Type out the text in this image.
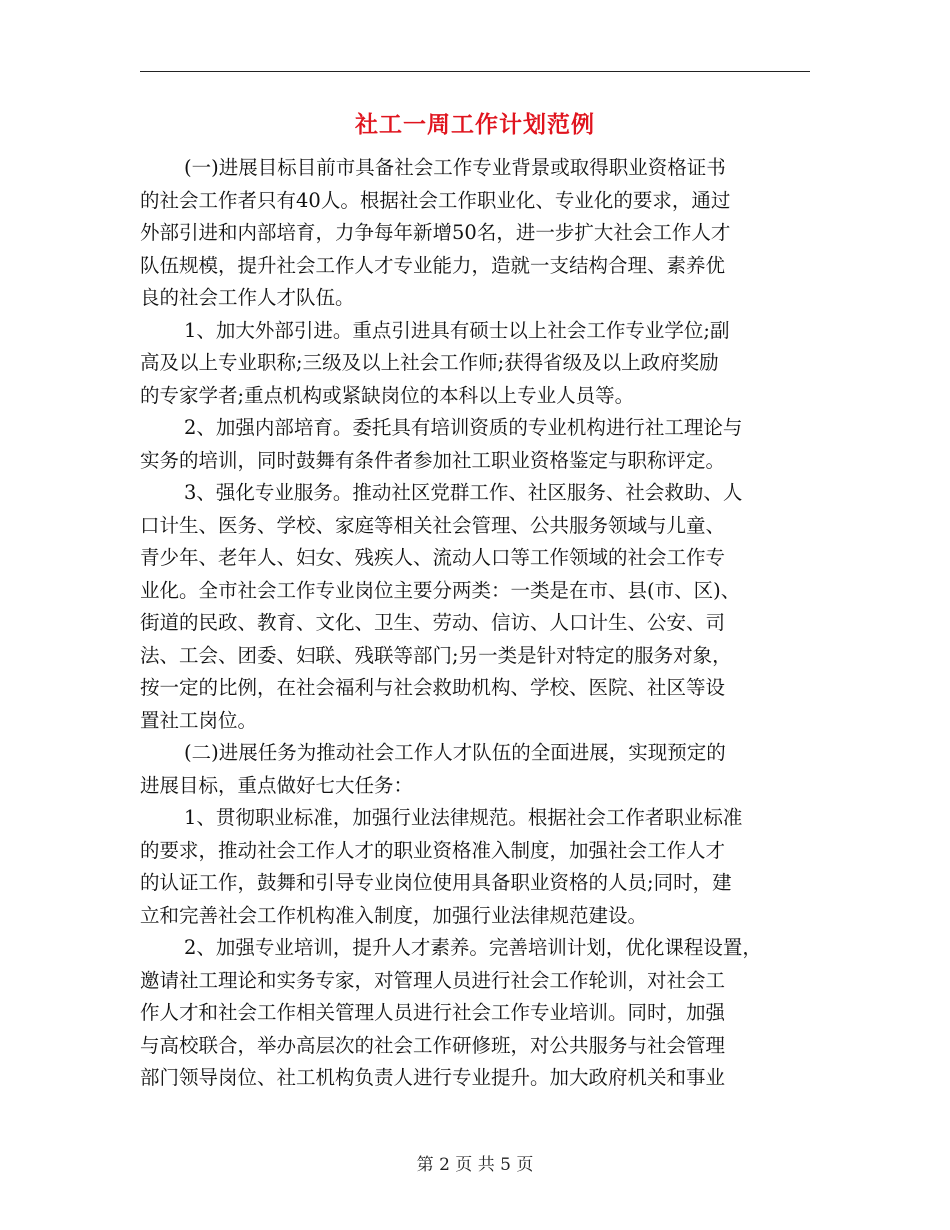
社工一周工作计划范例
(一)进展目标目前市具备社会工作专业背景或取得职业资格证书
的社会工作者只有40人。根据社会工作职业化、专业化的要求，通过
外部引进和内部培育，力争每年新增50名，进一步扩大社会工作人才
队伍规模，提升社会工作人才专业能力，造就一支结构合理、素养优
良的社会工作人才队伍。
1、加大外部引进。重点引进具有硕士以上社会工作专业学位;副
高及以上专业职称;三级及以上社会工作师;获得省级及以上政府奖励
的专家学者;重点机构或紧缺岗位的本科以上专业人员等。
2、加强内部培育。委托具有培训资质的专业机构进行社工理论与
实务的培训，同时鼓舞有条件者参加社工职业资格鉴定与职称评定。
3、强化专业服务。推动社区党群工作、社区服务、社会救助、人
口计生、医务、学校、家庭等相关社会管理、公共服务领域与儿童、
青少年、老年人、妇女、残疾人、流动人口等工作领域的社会工作专
业化。全市社会工作专业岗位主要分两类：一类是在市、县(市、区)、
街道的民政、教育、文化、卫生、劳动、信访、人口计生、公安、司
法、工会、团委、妇联、残联等部门;另一类是针对特定的服务对象，
按一定的比例，在社会福利与社会救助机构、学校、医院、社区等设
置社工岗位。
(二)进展任务为推动社会工作人才队伍的全面进展，实现预定的
进展目标，重点做好七大任务：
1、贯彻职业标准，加强行业法律规范。根据社会工作者职业标准
的要求，推动社会工作人才的职业资格准入制度，加强社会工作人才
的认证工作，鼓舞和引导专业岗位使用具备职业资格的人员;同时，建
立和完善社会工作机构准入制度，加强行业法律规范建设。
2、加强专业培训，提升人才素养。完善培训计划，优化课程设置，
邀请社工理论和实务专家，对管理人员进行社会工作轮训，对社会工
作人才和社会工作相关管理人员进行社会工作专业培训。同时，加强
与高校联合，举办高层次的社会工作研修班，对公共服务与社会管理
部门领导岗位、社工机构负责人进行专业提升。加大政府机关和事业
第 2 页 共 5 页
